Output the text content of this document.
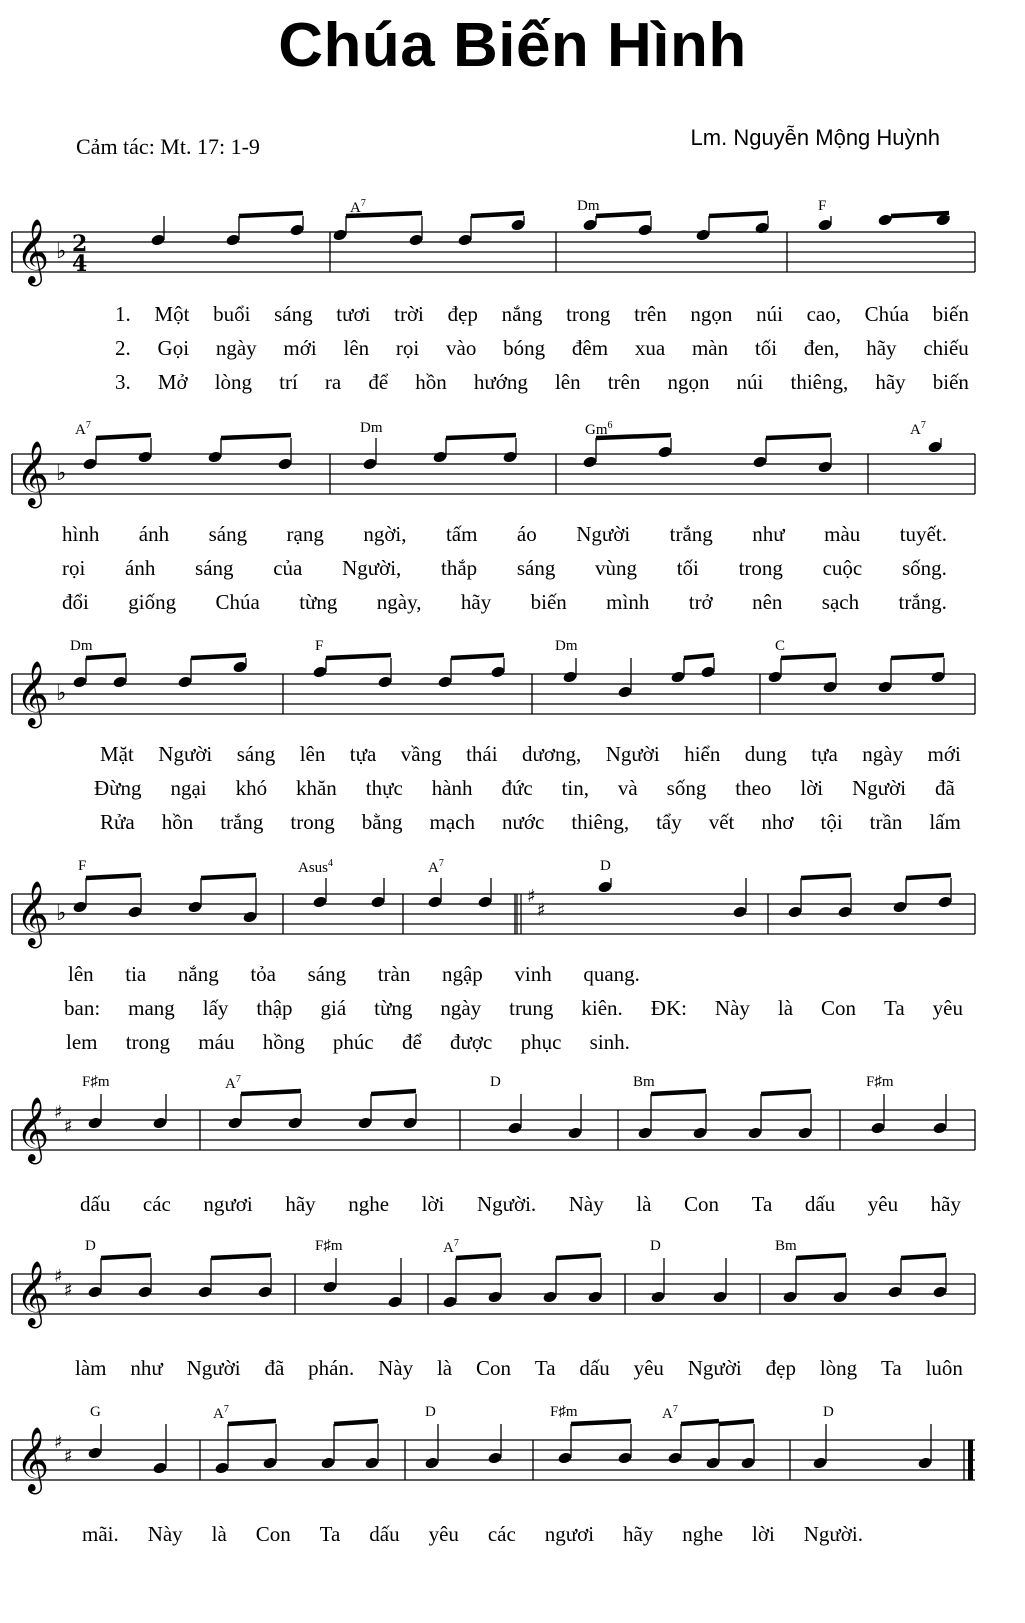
Chúa Biến Hình
Cảm tác: Mt. 17: 1-9	Lm. Nguyễn Mộng Huỳnh
𝄞 ♭ 2
4
$A^7$	Dm	F
1. Một buổi sáng tươi trời đẹp nắng trong trên ngọn núi cao, Chúa biến
2. Gọi ngày mới lên rọi vào bóng đêm xua màn tối đen, hãy chiếu
3. Mở lòng trí ra để hồn hướng lên trên ngọn núi thiêng, hãy biến
𝄞 ♭
$A^7$	Dm	Gm$^6$	$A^7$
hình ánh sáng rạng ngời, tấm áo Người trắng như màu tuyết.
rọi ánh sáng của Người, thắp sáng vùng tối trong cuộc sống.
đổi giống Chúa từng ngày, hãy biến mình trở nên sạch trắng.
𝄞 ♭
Dm	F	Dm	C
Mặt Người sáng lên tựa vầng thái dương, Người hiển dung tựa ngày mới
Đừng ngại khó khăn thực hành đức tin, và sống theo lời Người đã
Rửa hồn trắng trong bằng mạch nước thiêng, tẩy vết nhơ tội trần lấm
𝄞 ♭
♯
♯
F	Asus$^4$	$A^7$	D
lên tia nắng tỏa sáng tràn ngập vinh quang.
ban: mang lấy thập giá từng ngày trung kiên. ĐK: Này là Con Ta yêu
lem trong máu hồng phúc để được phục sinh.
𝄞 ♯
♯
F♯m	$A^7$	D	Bm	F♯m
dấu các ngươi hãy nghe lời Người. Này là Con Ta dấu yêu hãy
𝄞 ♯
♯
D	F♯m	$A^7$	D	Bm
làm như Người đã phán. Này là Con Ta dấu yêu Người đẹp lòng Ta luôn
𝄞 ♯
♯
G	$A^7$	D	F♯m	$A^7$	D
mãi. Này là Con Ta dấu yêu các ngươi hãy nghe lời Người.
